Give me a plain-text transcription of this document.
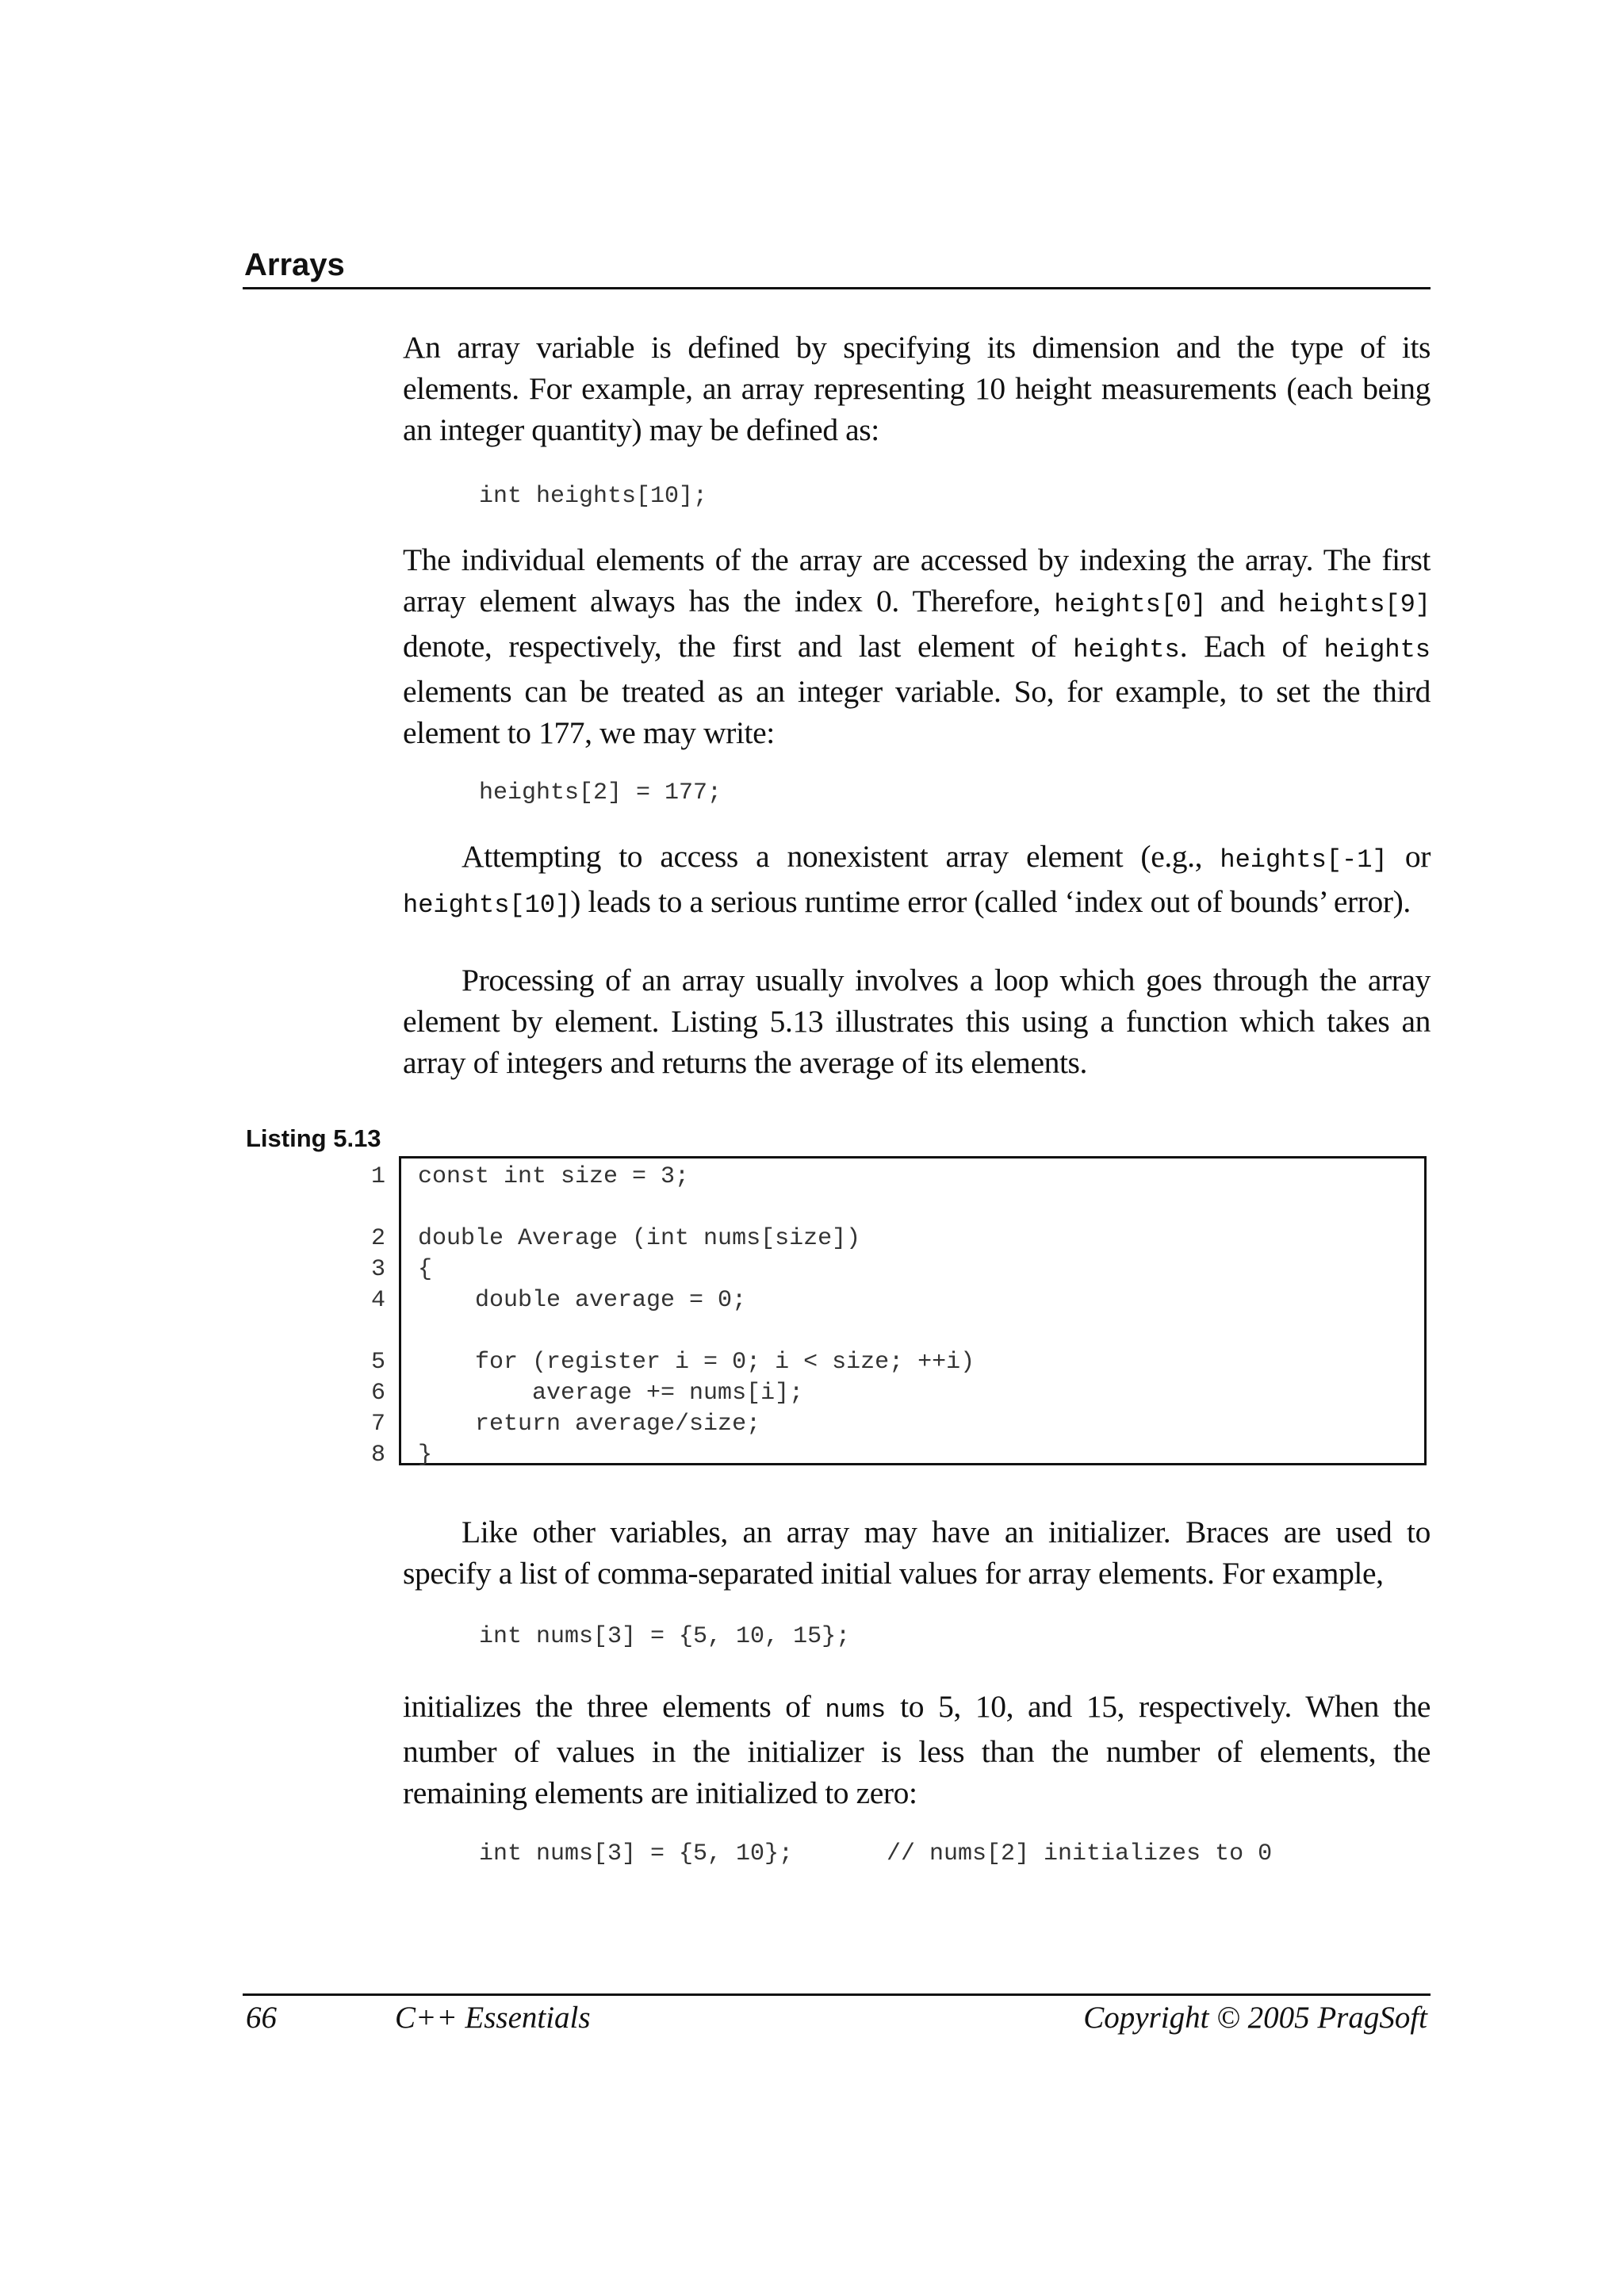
Arrays

An array variable is defined by specifying its dimension and the type of its elements. For example, an array representing 10 height measurements (each being an integer quantity) may be defined as:

int heights[10];

The individual elements of the array are accessed by indexing the array. The first array element always has the index 0. Therefore, heights[0] and heights[9] denote, respectively, the first and last element of heights. Each of heights elements can be treated as an integer variable. So, for example, to set the third element to 177, we may write:

heights[2] = 177;

Attempting to access a nonexistent array element (e.g., heights[-1] or heights[10]) leads to a serious runtime error (called ‘index out of bounds’ error).

Processing of an array usually involves a loop which goes through the array element by element. Listing 5.13 illustrates this using a function which takes an array of integers and returns the average of its elements.

Listing 5.13
1 const int size = 3;
2 double Average (int nums[size])
3 {
4 double average = 0;
5 for (register i = 0; i < size; ++i)
6 average += nums[i];
7 return average/size;
8 }

Like other variables, an array may have an initializer. Braces are used to specify a list of comma-separated initial values for array elements. For example,

int nums[3] = {5, 10, 15};

initializes the three elements of nums to 5, 10, and 15, respectively. When the number of values in the initializer is less than the number of elements, the remaining elements are initialized to zero:

int nums[3] = {5, 10};	// nums[2] initializes to 0
66	C++ Essentials	Copyright © 2005 PragSoft
